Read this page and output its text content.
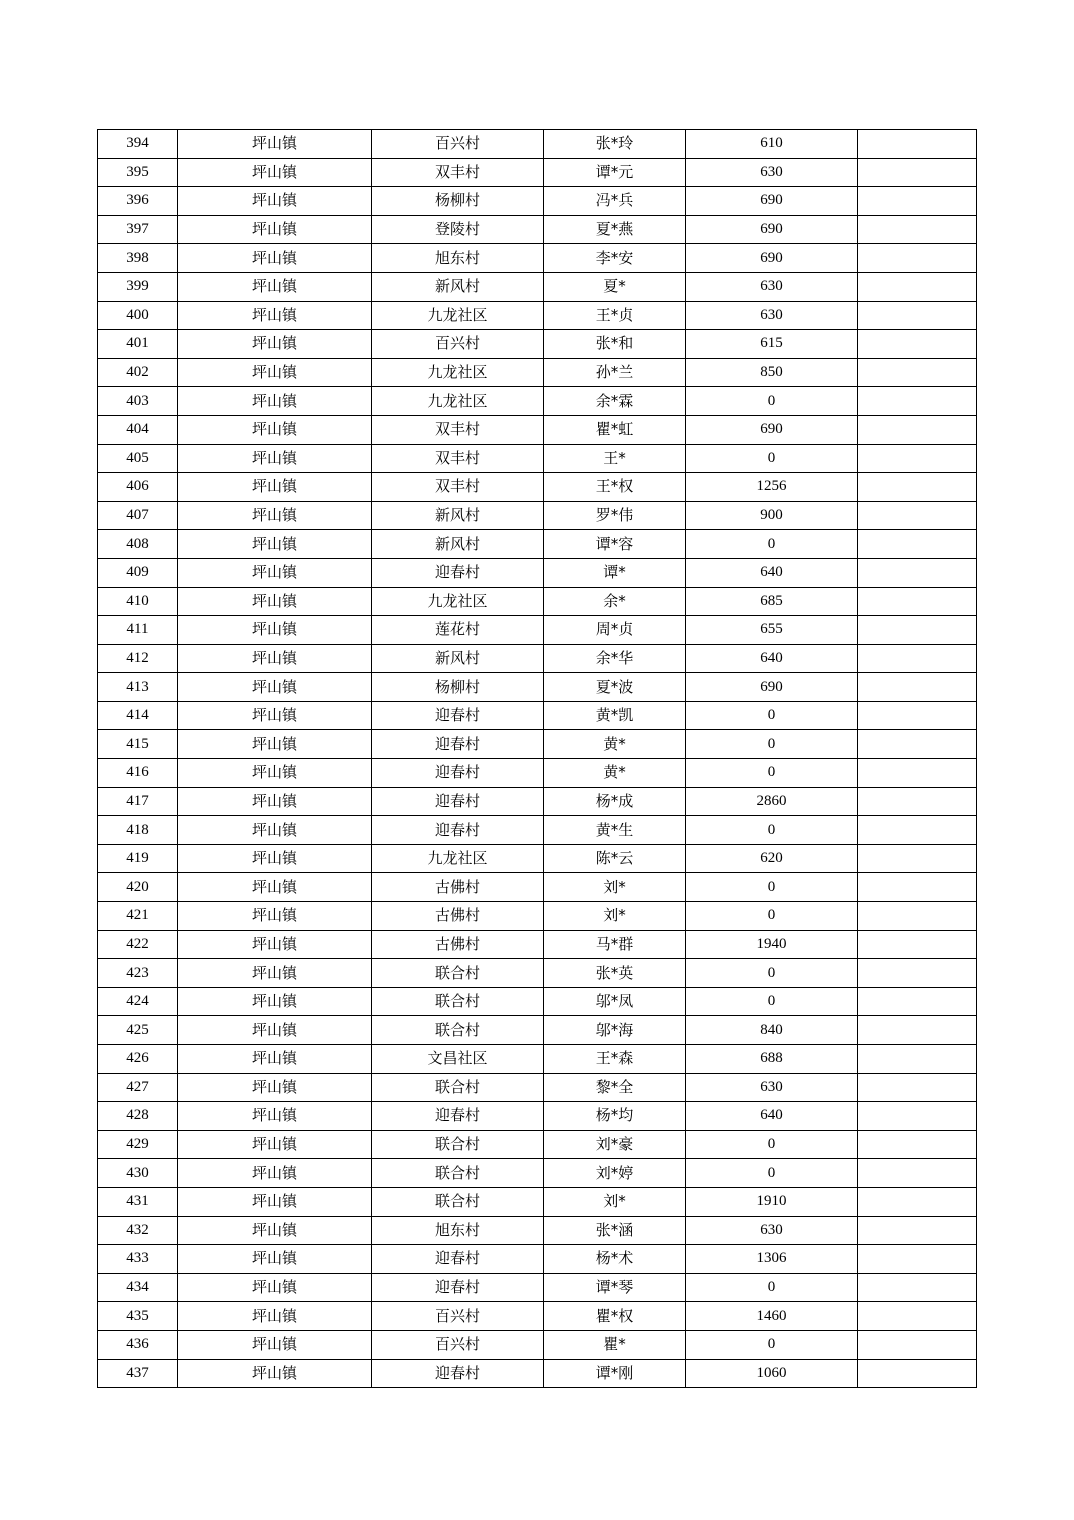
394	坪山镇	百兴村	张*玲	610	
395	坪山镇	双丰村	谭*元	630	
396	坪山镇	杨柳村	冯*兵	690	
397	坪山镇	登陵村	夏*燕	690	
398	坪山镇	旭东村	李*安	690	
399	坪山镇	新风村	夏*	630	
400	坪山镇	九龙社区	王*贞	630	
401	坪山镇	百兴村	张*和	615	
402	坪山镇	九龙社区	孙*兰	850	
403	坪山镇	九龙社区	余*霖	0	
404	坪山镇	双丰村	瞿*虹	690	
405	坪山镇	双丰村	王*	0	
406	坪山镇	双丰村	王*权	1256	
407	坪山镇	新风村	罗*伟	900	
408	坪山镇	新风村	谭*容	0	
409	坪山镇	迎春村	谭*	640	
410	坪山镇	九龙社区	余*	685	
411	坪山镇	莲花村	周*贞	655	
412	坪山镇	新风村	余*华	640	
413	坪山镇	杨柳村	夏*波	690	
414	坪山镇	迎春村	黄*凯	0	
415	坪山镇	迎春村	黄*	0	
416	坪山镇	迎春村	黄*	0	
417	坪山镇	迎春村	杨*成	2860	
418	坪山镇	迎春村	黄*生	0	
419	坪山镇	九龙社区	陈*云	620	
420	坪山镇	古佛村	刘*	0	
421	坪山镇	古佛村	刘*	0	
422	坪山镇	古佛村	马*群	1940	
423	坪山镇	联合村	张*英	0	
424	坪山镇	联合村	邬*凤	0	
425	坪山镇	联合村	邬*海	840	
426	坪山镇	文昌社区	王*森	688	
427	坪山镇	联合村	黎*全	630	
428	坪山镇	迎春村	杨*均	640	
429	坪山镇	联合村	刘*豪	0	
430	坪山镇	联合村	刘*婷	0	
431	坪山镇	联合村	刘*	1910	
432	坪山镇	旭东村	张*涵	630	
433	坪山镇	迎春村	杨*术	1306	
434	坪山镇	迎春村	谭*琴	0	
435	坪山镇	百兴村	瞿*权	1460	
436	坪山镇	百兴村	瞿*	0	
437	坪山镇	迎春村	谭*刚	1060	
